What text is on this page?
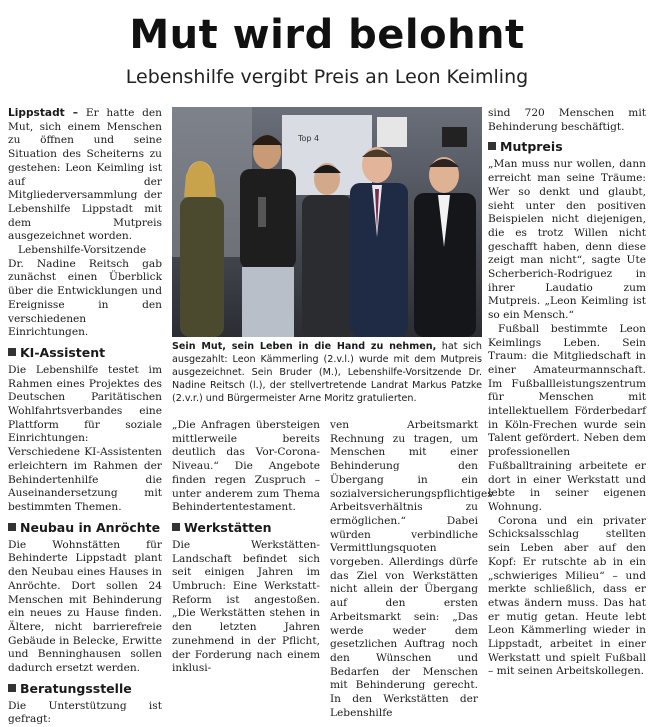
Mut wird belohnt
Lebenshilfe vergibt Preis an Leon Keimling

Lippstadt – Er hatte den Mut, sich einem Menschen zu öffnen und seine Situation des Scheiterns zu gestehen: Leon Keimling ist auf der Mitgliederversammlung der Lebenshilfe Lippstadt mit dem Mutpreis ausgezeichnet worden.

Lebenshilfe-Vorsitzende Dr. Nadine Reitsch gab zunächst einen Überblick über die Entwicklungen und Ereignisse in den verschiedenen Einrichtungen.

KI-Assistent

Die Lebenshilfe testet im Rahmen eines Projektes des Deutschen Paritätischen Wohlfahrtsverbandes eine Plattform für soziale Einrichtungen: Verschiedene KI-Assistenten erleichtern im Rahmen der Behindertenhilfe die Auseinandersetzung mit bestimmten Themen.

Neubau in Anröchte

Die Wohnstätten für Behinderte Lippstadt plant den Neubau eines Hauses in Anröchte. Dort sollen 24 Menschen mit Behinderung ein neues zu Hause finden. Ältere, nicht barrierefreie Gebäude in Belecke, Erwitte und Benninghausen sollen dadurch ersetzt werden.

Beratungsstelle

Die Unterstützung ist gefragt:

Top 4
Sein Mut, sein Leben in die Hand zu nehmen, hat sich ausgezahlt: Leon Kämmerling (2.v.l.) wurde mit dem Mutpreis ausgezeichnet. Sein Bruder (M.), Lebenshilfe-Vorsitzende Dr. Nadine Reitsch (l.), der stellvertretende Landrat Markus Patzke (2.v.r.) und Bürgermeister Arne Moritz gratulierten.

„Die Anfragen übersteigen mittlerweile bereits deutlich das Vor-Corona-Niveau.“ Die Angebote finden regen Zuspruch – unter anderem zum Thema Behindertentestament.

Werkstätten

Die Werkstätten-Landschaft befindet sich seit einigen Jahren im Umbruch: Eine Werkstatt-Reform ist angestoßen. „Die Werkstätten stehen in den letzten Jahren zunehmend in der Pflicht, der Forderung nach einem inklusi-

ven Arbeitsmarkt Rechnung zu tragen, um Menschen mit einer Behinderung den Übergang in ein sozialversicherungspflichtiges Arbeitsverhältnis zu ermöglichen.“ Dabei würden verbindliche Vermittlungsquoten vorgeben. Allerdings dürfe das Ziel von Werkstätten nicht allein der Übergang auf den ersten Arbeitsmarkt sein: „Das werde weder dem gesetzlichen Auftrag noch den Wünschen und Bedarfen der Menschen mit Behinderung gerecht. In den Werkstätten der Lebenshilfe

sind 720 Menschen mit Behinderung beschäftigt.

Mutpreis

„Man muss nur wollen, dann erreicht man seine Träume: Wer so denkt und glaubt, sieht unter den positiven Beispielen nicht diejenigen, die es trotz Willen nicht geschafft haben, denn diese zeigt man nicht“, sagte Ute Scherberich-Rodriguez in ihrer Laudatio zum Mutpreis. „Leon Keimling ist so ein Mensch.“

Fußball bestimmte Leon Keimlings Leben. Sein Traum: die Mitgliedschaft in einer Amateurmannschaft. Im Fußballleistungszentrum für Menschen mit intellektuellem Förderbedarf in Köln-Frechen wurde sein Talent gefördert. Neben dem professionellen Fußballtraining arbeitete er dort in einer Werkstatt und lebte in seiner eigenen Wohnung.

Corona und ein privater Schicksalsschlag stellten sein Leben aber auf den Kopf: Er rutschte ab in ein „schwieriges Milieu“ – und merkte schließlich, dass er etwas ändern muss. Das hat er mutig getan. Heute lebt Leon Kämmerling wieder in Lippstadt, arbeitet in einer Werkstatt und spielt Fußball – mit seinen Arbeitskollegen.
